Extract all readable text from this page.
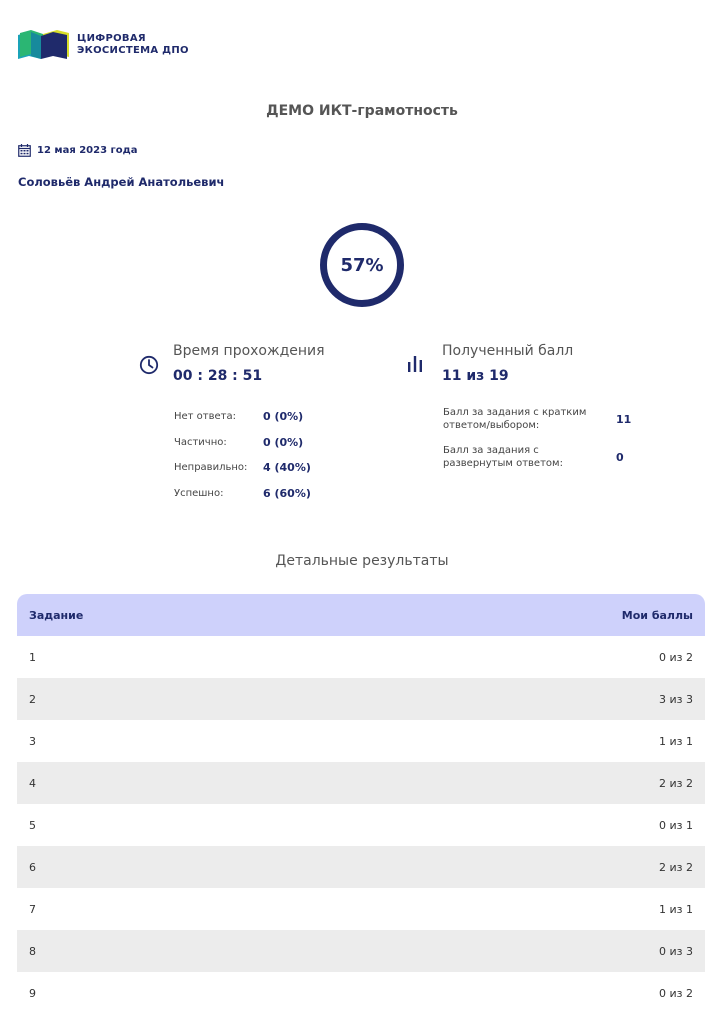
ЦИФРОВАЯ
ЭКОСИСТЕМА ДПО
ДЕМО ИКТ-грамотность
12 мая 2023 года
Соловьёв Андрей Анатольевич
57%
Время прохождения
00 : 28 : 51
Нет ответа:	0 (0%)
Частично:	0 (0%)
Неправильно:	4 (40%)
Успешно:	6 (60%)
Полученный балл
11 из 19
Балл за задания с кратким ответом/выбором:	11
Балл за задания с развернутым ответом:	0
Детальные результаты
Задание	Мои баллы
1	0 из 2
2	3 из 3
3	1 из 1
4	2 из 2
5	0 из 1
6	2 из 2
7	1 из 1
8	0 из 3
9	0 из 2
